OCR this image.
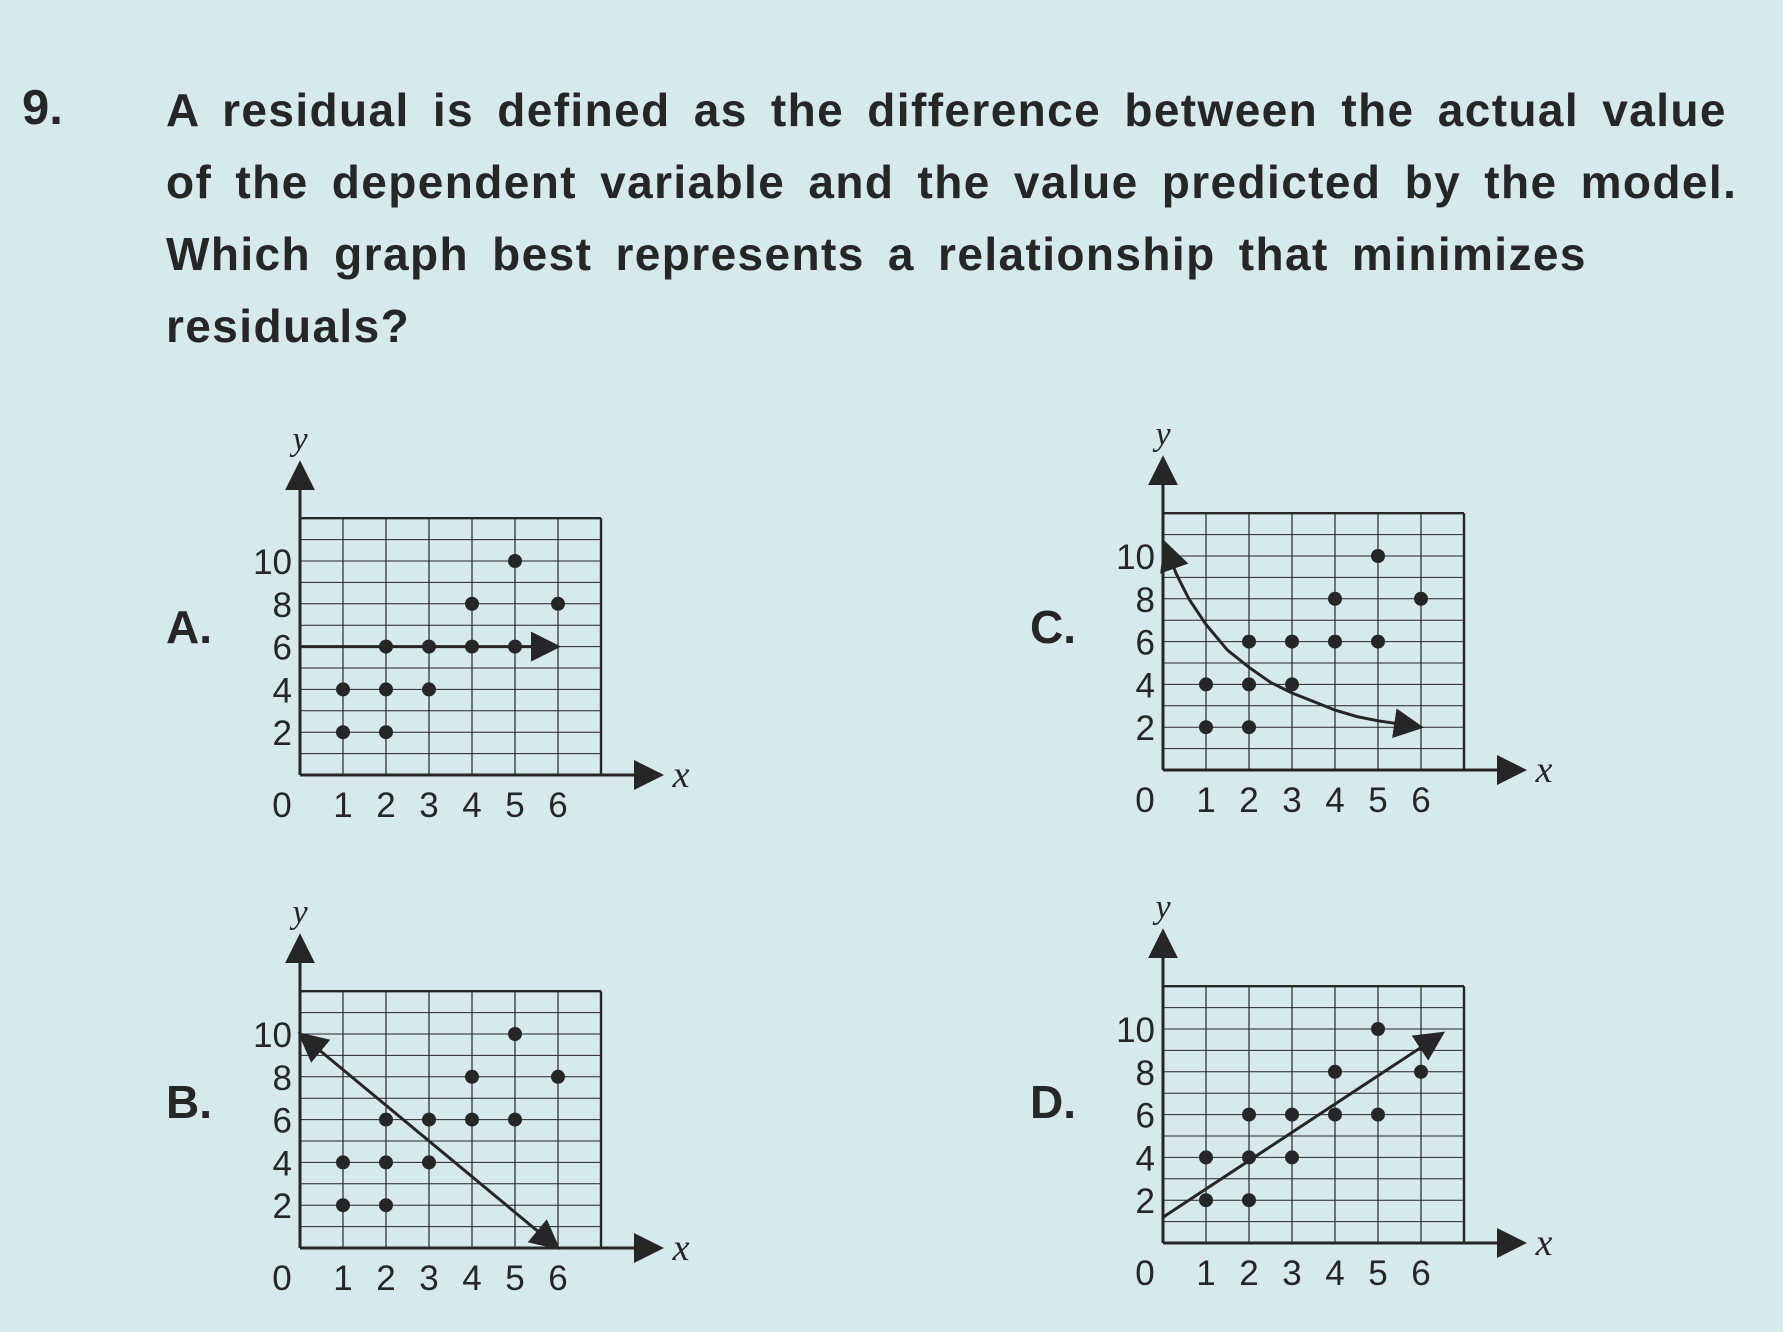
9. A residual is defined as the difference between the actual value
of the dependent variable and the value predicted by the model.
Which graph best represents a relationship that minimizes
residuals?
A.
B.
C.
D.
y
x
0 1 2 3 4 5 6
2
4
6
8
10
y
x
0 1 2 3 4 5 6
2
4
6
8
10
y
x
0 1 2 3 4 5 6
2
4
6
8
10
y
x
0 1 2 3 4 5 6
2
4
6
8
10
